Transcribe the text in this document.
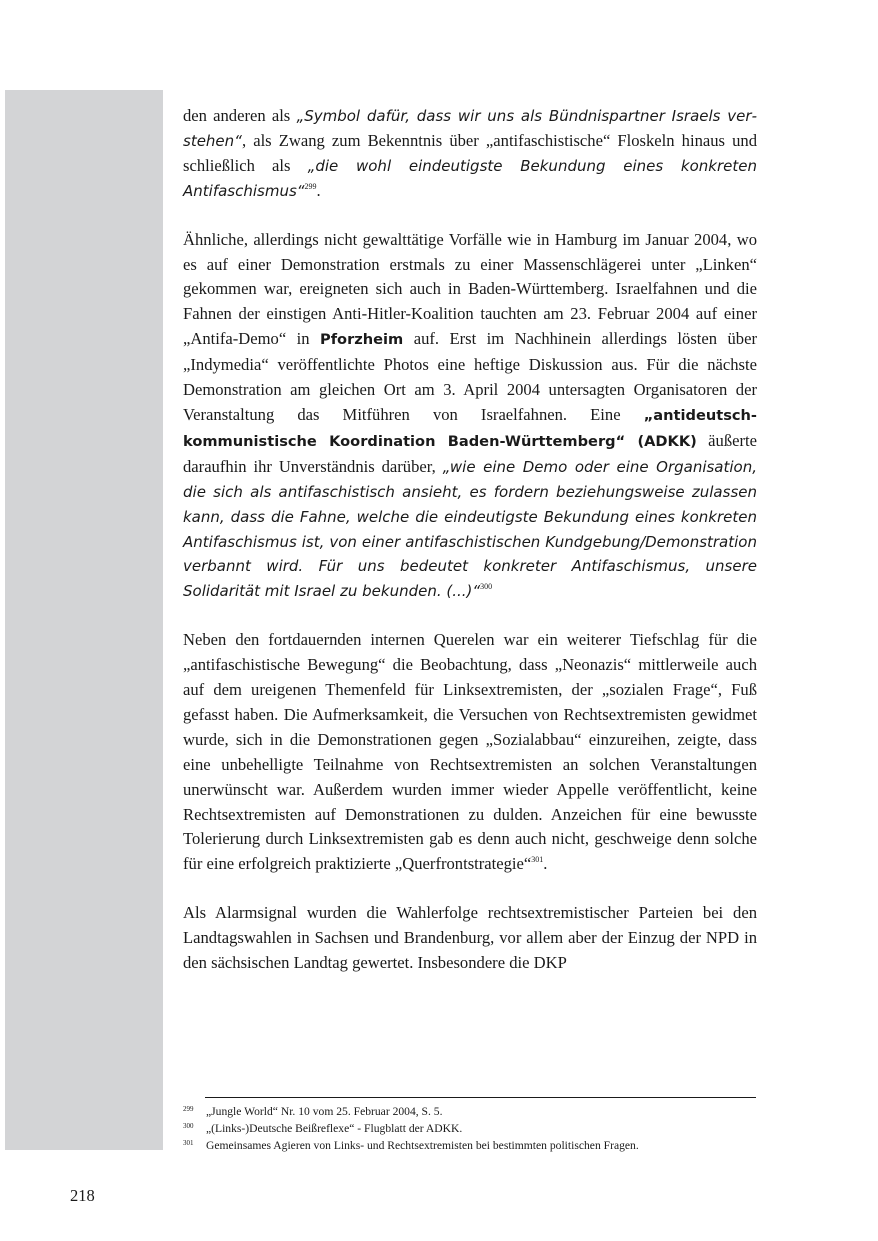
den anderen als „Symbol dafür, dass wir uns als Bündnispartner Israels verstehen“, als Zwang zum Bekenntnis über „antifaschistische“ Floskeln hinaus und schließlich als „die wohl eindeutigste Bekundung eines konkreten Antifaschismus“$^{299}$.

Ähnliche, allerdings nicht gewalttätige Vorfälle wie in Hamburg im Januar 2004, wo es auf einer Demonstration erstmals zu einer Massenschlägerei unter „Linken“ gekommen war, ereigneten sich auch in Baden-Württemberg. Israelfahnen und die Fahnen der einstigen Anti-Hitler-Koalition tauchten am 23. Februar 2004 auf einer „Antifa-Demo“ in Pforzheim auf. Erst im Nachhinein allerdings lösten über „Indymedia“ veröffentlichte Photos eine heftige Diskussion aus. Für die nächste Demonstration am gleichen Ort am 3. April 2004 untersagten Organisatoren der Veranstaltung das Mitführen von Israelfahnen. Eine „antideutsch-kommunistische Koordination Baden-Württemberg“ (ADKK) äußerte daraufhin ihr Unverständnis darüber, „wie eine Demo oder eine Organisation, die sich als antifaschistisch ansieht, es fordern beziehungsweise zulassen kann, dass die Fahne, welche die eindeutigste Bekundung eines konkreten Antifaschismus ist, von einer antifaschistischen Kundgebung/Demonstration verbannt wird. Für uns bedeutet konkreter Antifaschismus, unsere Solidarität mit Israel zu bekunden. (...)“$^{300}$

Neben den fortdauernden internen Querelen war ein weiterer Tiefschlag für die „antifaschistische Bewegung“ die Beobachtung, dass „Neonazis“ mittlerweile auch auf dem ureigenen Themenfeld für Linksextremisten, der „sozialen Frage“, Fuß gefasst haben. Die Aufmerksamkeit, die Versuchen von Rechtsextremisten gewidmet wurde, sich in die Demonstrationen gegen „Sozialabbau“ einzureihen, zeigte, dass eine unbehelligte Teilnahme von Rechtsextremisten an solchen Veranstaltungen unerwünscht war. Außerdem wurden immer wieder Appelle veröffentlicht, keine Rechtsextremisten auf Demonstrationen zu dulden. Anzeichen für eine bewusste Tolerierung durch Linksextremisten gab es denn auch nicht, geschweige denn solche für eine erfolgreich praktizierte „Querfrontstrategie“$^{301}$.

Als Alarmsignal wurden die Wahlerfolge rechtsextremistischer Parteien bei den Landtagswahlen in Sachsen und Brandenburg, vor allem aber der Einzug der NPD in den sächsischen Landtag gewertet. Insbesondere die DKP

299	„Jungle World“ Nr. 10 vom 25. Februar 2004, S. 5.
300	„(Links-)Deutsche Beißreflexe“ - Flugblatt der ADKK.
301	Gemeinsames Agieren von Links- und Rechtsextremisten bei bestimmten politischen Fragen.
218
